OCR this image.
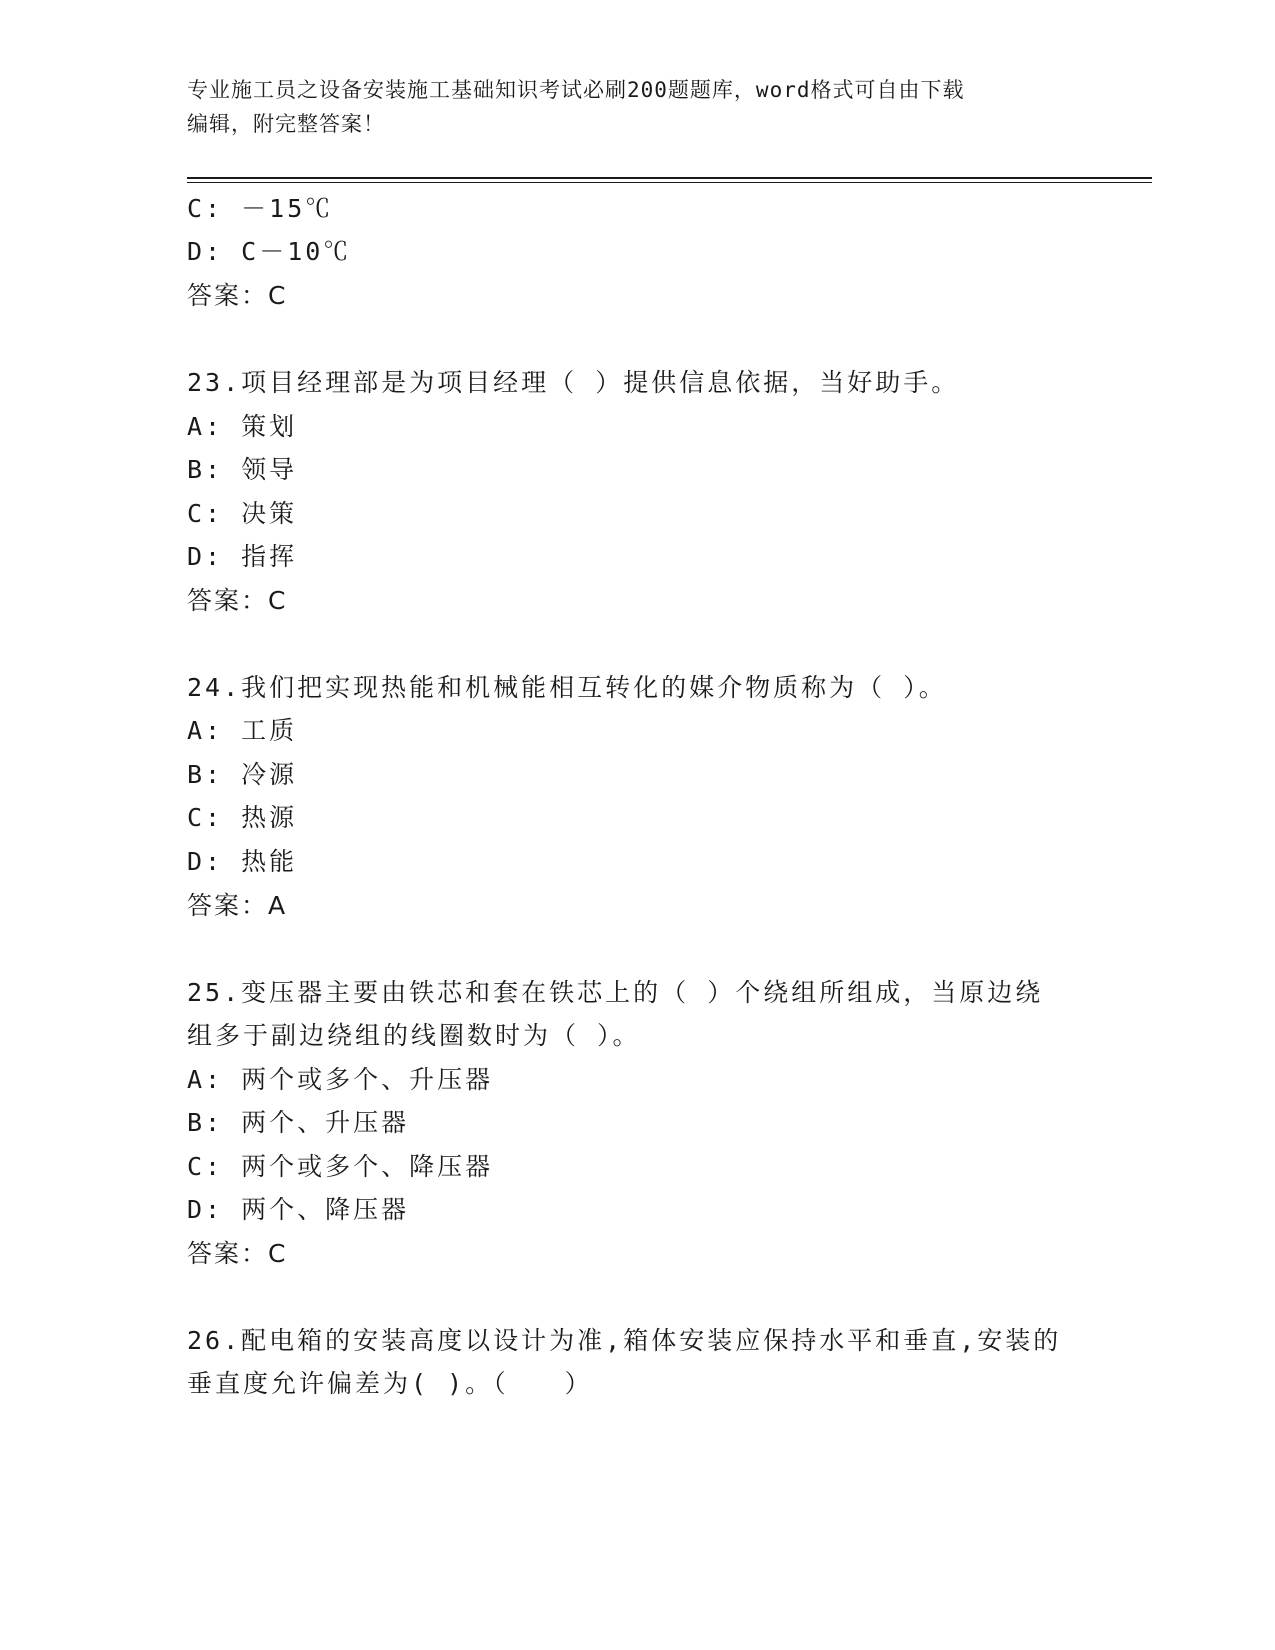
专业施工员之设备安装施工基础知识考试必刷200题题库，word格式可自由下载
编辑，附完整答案！
C: －15℃
D: C－10℃
答案：C
23.项目经理部是为项目经理（ ）提供信息依据，当好助手。
A: 策划
B: 领导
C: 决策
D: 指挥
答案：C
24.我们把实现热能和机械能相互转化的媒介物质称为（ ）。
A: 工质
B: 冷源
C: 热源
D: 热能
答案：A
25.变压器主要由铁芯和套在铁芯上的（ ）个绕组所组成，当原边绕
组多于副边绕组的线圈数时为（ ）。
A: 两个或多个、升压器
B: 两个、升压器
C: 两个或多个、降压器
D: 两个、降压器
答案：C
26.配电箱的安装高度以设计为准,箱体安装应保持水平和垂直,安装的
垂直度允许偏差为( )。（　　）
